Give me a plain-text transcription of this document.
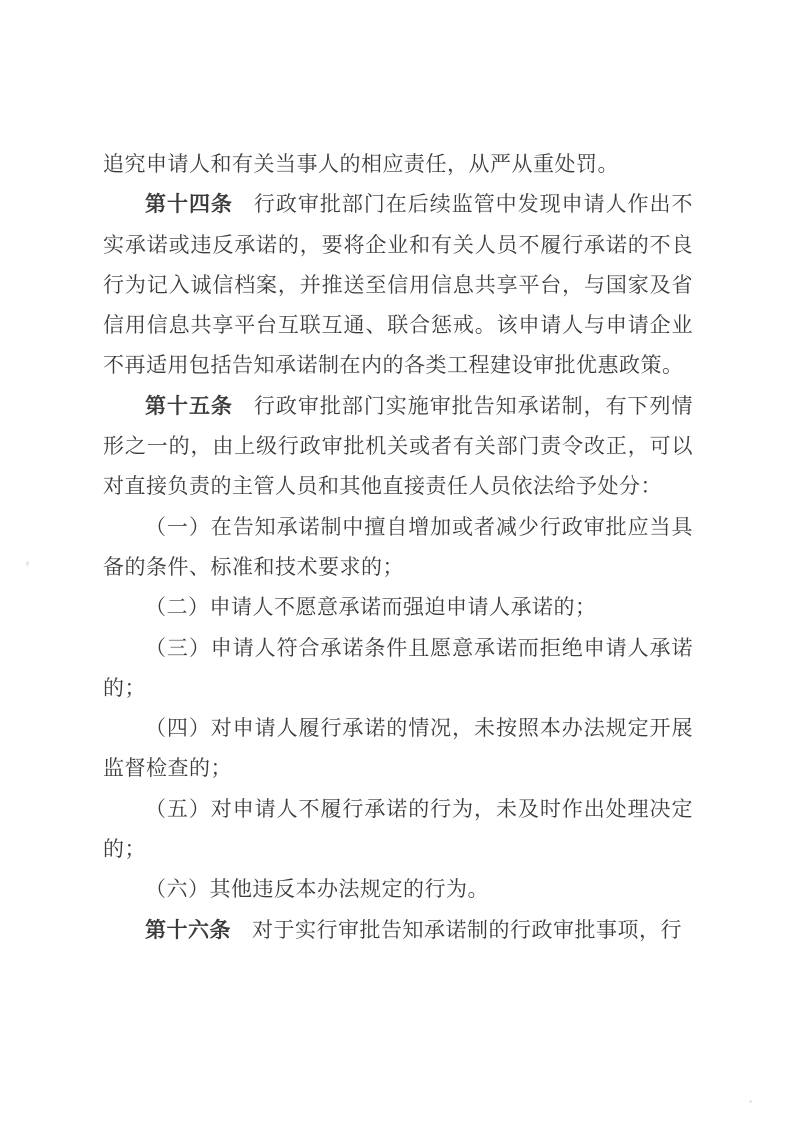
追究申请人和有关当事人的相应责任，从严从重处罚。

第十四条 行政审批部门在后续监管中发现申请人作出不实承诺或违反承诺的，要将企业和有关人员不履行承诺的不良行为记入诚信档案，并推送至信用信息共享平台，与国家及省信用信息共享平台互联互通、联合惩戒。该申请人与申请企业不再适用包括告知承诺制在内的各类工程建设审批优惠政策。

第十五条 行政审批部门实施审批告知承诺制，有下列情形之一的，由上级行政审批机关或者有关部门责令改正，可以对直接负责的主管人员和其他直接责任人员依法给予处分：

（一）在告知承诺制中擅自增加或者减少行政审批应当具备的条件、标准和技术要求的；

（二）申请人不愿意承诺而强迫申请人承诺的；

（三）申请人符合承诺条件且愿意承诺而拒绝申请人承诺的；

（四）对申请人履行承诺的情况，未按照本办法规定开展监督检查的；

（五）对申请人不履行承诺的行为，未及时作出处理决定的；

（六）其他违反本办法规定的行为。

第十六条 对于实行审批告知承诺制的行政审批事项，行
